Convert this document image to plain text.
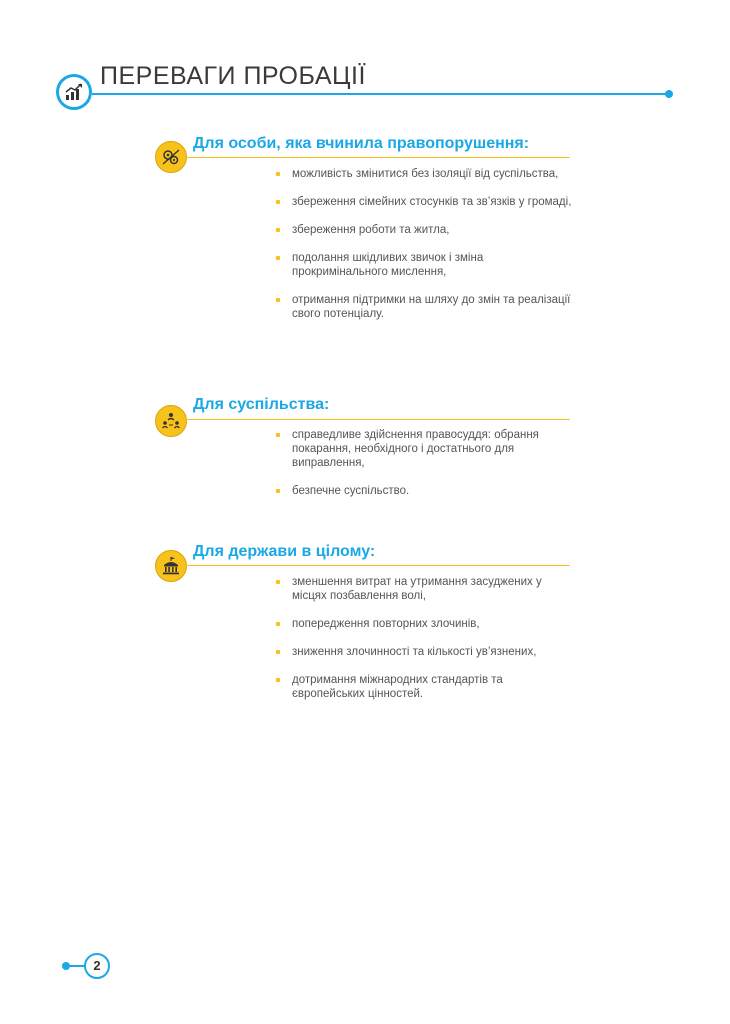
ПЕРЕВАГИ ПРОБАЦІЇ
Для особи, яка вчинила правопорушення:
можливість змінитися без ізоляції від суспільства,
збереження сімейних стосунків та зв’язків у громаді,
збереження роботи та житла,
подолання шкідливих звичок і зміна прокримінального мислення,
отримання підтримки на шляху до змін та реалізації свого потенціалу.
Для суспільства:
справедливе здійснення правосуддя: обрання покарання, необхідного і достатнього для виправлення,
безпечне суспільство.
Для держави в цілому:
зменшення витрат на утримання засуджених у місцях позбавлення волі,
попередження повторних злочинів,
зниження злочинності та кількості ув’язнених,
дотримання міжнародних стандартів та європейських цінностей.
2
